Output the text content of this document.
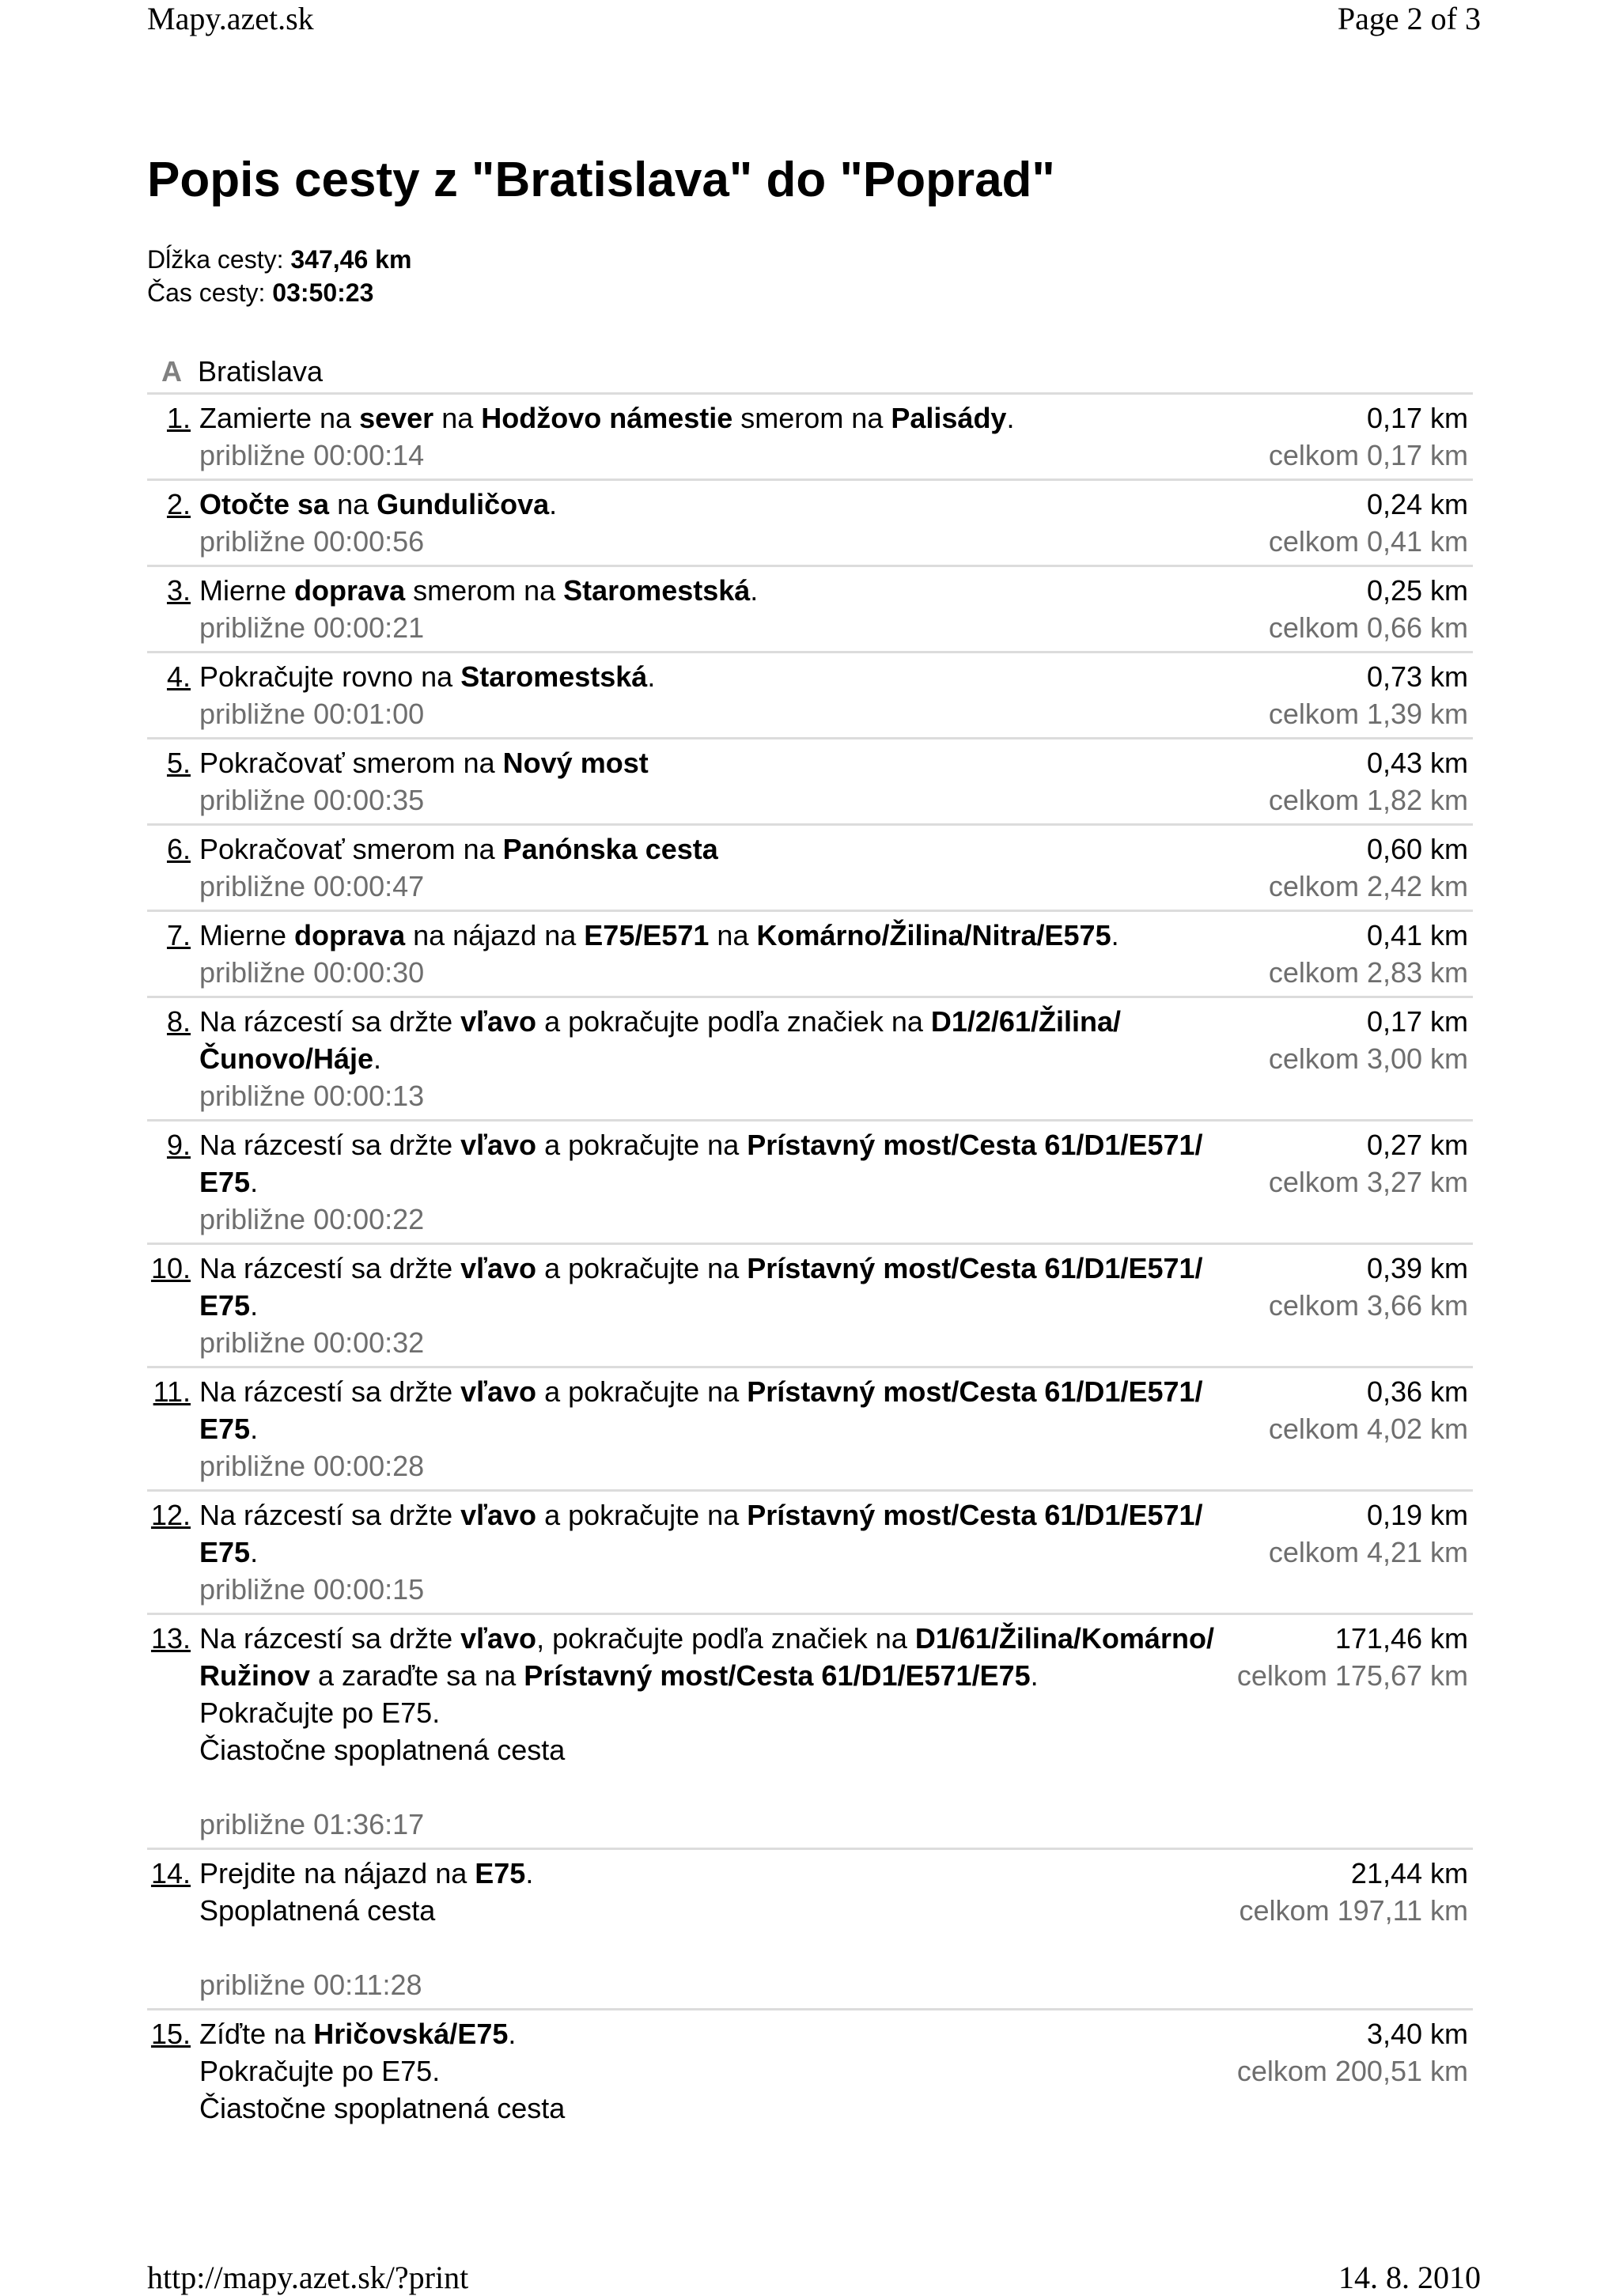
Mapy.azet.sk	Page 2 of 3
Popis cesty z "Bratislava" do "Poprad"
Dĺžka cesty: 347,46 km
Čas cesty: 03:50:23
A Bratislava
1. Zamierte na sever na Hodžovo námestie smerom na Palisády.
približne 00:00:14
0,17 km
celkom 0,17 km
2. Otočte sa na Gunduličova.
približne 00:00:56
0,24 km
celkom 0,41 km
3. Mierne doprava smerom na Staromestská.
približne 00:00:21
0,25 km
celkom 0,66 km
4. Pokračujte rovno na Staromestská.
približne 00:01:00
0,73 km
celkom 1,39 km
5. Pokračovať smerom na Nový most
približne 00:00:35
0,43 km
celkom 1,82 km
6. Pokračovať smerom na Panónska cesta
približne 00:00:47
0,60 km
celkom 2,42 km
7. Mierne doprava na nájazd na E75/E571 na Komárno/Žilina/Nitra/E575.
približne 00:00:30
0,41 km
celkom 2,83 km
8. Na rázcestí sa držte vľavo a pokračujte podľa značiek na D1/2/61/Žilina/
Čunovo/Háje.
približne 00:00:13
0,17 km
celkom 3,00 km
9. Na rázcestí sa držte vľavo a pokračujte na Prístavný most/Cesta 61/D1/E571/
E75.
približne 00:00:22
0,27 km
celkom 3,27 km
10. Na rázcestí sa držte vľavo a pokračujte na Prístavný most/Cesta 61/D1/E571/
E75.
približne 00:00:32
0,39 km
celkom 3,66 km
11. Na rázcestí sa držte vľavo a pokračujte na Prístavný most/Cesta 61/D1/E571/
E75.
približne 00:00:28
0,36 km
celkom 4,02 km
12. Na rázcestí sa držte vľavo a pokračujte na Prístavný most/Cesta 61/D1/E571/
E75.
približne 00:00:15
0,19 km
celkom 4,21 km
13. Na rázcestí sa držte vľavo, pokračujte podľa značiek na D1/61/Žilina/Komárno/
Ružinov a zaraďte sa na Prístavný most/Cesta 61/D1/E571/E75.
Pokračujte po E75.
Čiastočne spoplatnená cesta
približne 01:36:17
171,46 km
celkom 175,67 km
14. Prejdite na nájazd na E75.
Spoplatnená cesta
približne 00:11:28
21,44 km
celkom 197,11 km
15. Zíďte na Hričovská/E75.
Pokračujte po E75.
Čiastočne spoplatnená cesta
3,40 km
celkom 200,51 km
http://mapy.azet.sk/?print	14. 8. 2010
